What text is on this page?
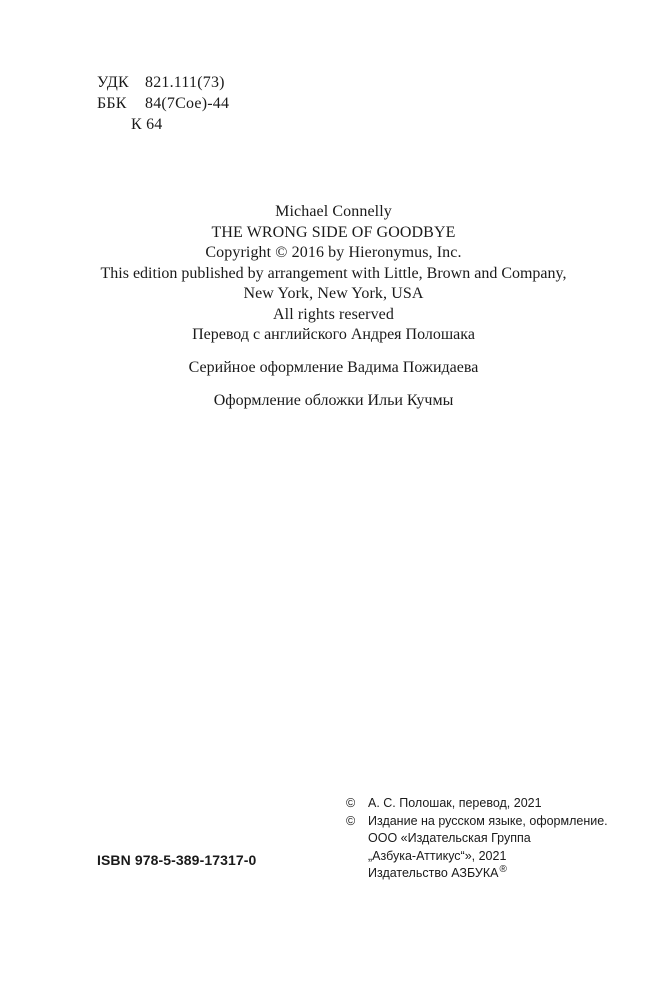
УДК	821.111(73)
ББК	84(7Сое)-44
К 64
Michael Connelly
THE WRONG SIDE OF GOODBYE
Copyright © 2016 by Hieronymus, Inc.
This edition published by arrangement with Little, Brown and Company,
New York, New York, USA
All rights reserved
Перевод с английского Андрея Полошака
Серийное оформление Вадима Пожидаева
Оформление обложки Ильи Кучмы
ISBN 978-5-389-17317-0
©	А. С. Полошак, перевод, 2021
©	Издание на русском языке, оформление.
ООО «Издательская Группа
„Азбука-Аттикус“», 2021
Издательство АЗБУКА®
